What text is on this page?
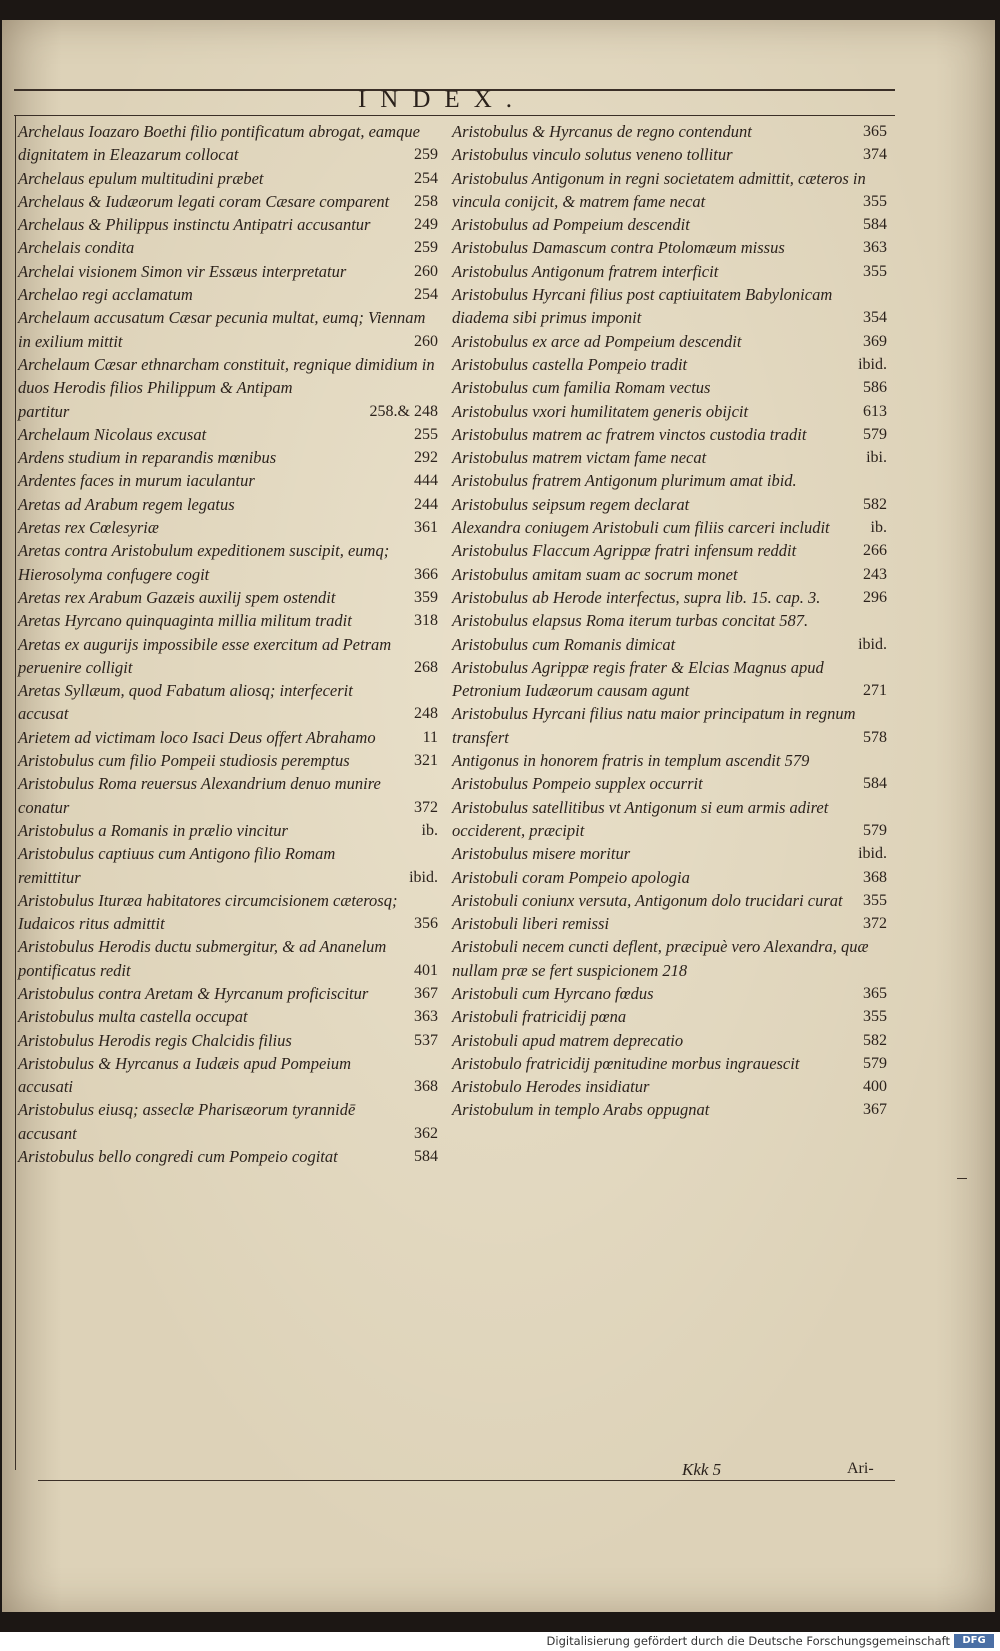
INDEX.
Archelaus Ioazaro Boethi filio pontificatum abrogat, eamque dignitatem in Eleazarum collocat	259
Archelaus epulum multitudini præbet	254
Archelaus & Iudæorum legati coram Cæsare comparent 258
Archelaus & Philippus instinctu Antipatri accusantur	249
Archelais condita	259
Archelai visionem Simon vir Essæus interpretatur	260
Archelao regi acclamatum	254
Archelaum accusatum Cæsar pecunia multat, eumq; Viennam in exilium mittit	260
Archelaum Cæsar ethnarcham constituit, regnique dimidium in duos Herodis filios Philippum & Antipam partitur	258.& 248
Archelaum Nicolaus excusat	255
Ardens studium in reparandis mœnibus	292
Ardentes faces in murum iaculantur	444
Aretas ad Arabum regem legatus	244
Aretas rex Cœlesyriæ	361
Aretas contra Aristobulum expeditionem suscipit, eumq; Hierosolyma confugere cogit	366
Aretas rex Arabum Gazæis auxilij spem ostendit	359
Aretas Hyrcano quinquaginta millia militum tradit	318
Aretas ex augurijs impossibile esse exercitum ad Petram peruenire colligit	268
Aretas Syllæum, quod Fabatum aliosq; interfecerit accusat	248
Arietem ad victimam loco Isaci Deus offert Abrahamo	11
Aristobulus cum filio Pompeii studiosis peremptus	321
Aristobulus Roma reuersus Alexandrium denuo munire conatur	372
Aristobulus a Romanis in prælio vincitur	ib.
Aristobulus captiuus cum Antigono filio Romam remittitur	ibid.
Aristobulus Ituræa habitatores circumcisionem cæterosq; Iudaicos ritus admittit	356
Aristobulus Herodis ductu submergitur, & ad Ananelum pontificatus redit	401
Aristobulus contra Aretam & Hyrcanum proficiscitur	367
Aristobulus multa castella occupat	363
Aristobulus Herodis regis Chalcidis filius	537
Aristobulus & Hyrcanus a Iudæis apud Pompeium accusati	368
Aristobulus eiusq; asseclæ Pharisæorum tyrannidē accusant	362
Aristobulus bello congredi cum Pompeio cogitat	584
Aristobulus & Hyrcanus de regno contendunt	365
Aristobulus vinculo solutus veneno tollitur	374
Aristobulus Antigonum in regni societatem admittit, cæteros in vincula conijcit, & matrem fame necat	355
Aristobulus ad Pompeium descendit	584
Aristobulus Damascum contra Ptolomæum missus	363
Aristobulus Antigonum fratrem interficit	355
Aristobulus Hyrcani filius post captiuitatem Babylonicam diadema sibi primus imponit	354
Aristobulus ex arce ad Pompeium descendit	369
Aristobulus castella Pompeio tradit	ibid.
Aristobulus cum familia Romam vectus	586
Aristobulus vxori humilitatem generis obijcit	613
Aristobulus matrem ac fratrem vinctos custodia tradit	579
Aristobulus matrem victam fame necat	ibi.
Aristobulus fratrem Antigonum plurimum amat ibid.
Aristobulus seipsum regem declarat	582
Alexandra coniugem Aristobuli cum filiis carceri includit	ib.
Aristobulus Flaccum Agrippæ fratri infensum reddit	266
Aristobulus amitam suam ac socrum monet	243
Aristobulus ab Herode interfectus, supra lib. 15. cap. 3.	296
Aristobulus elapsus Roma iterum turbas concitat 587.
Aristobulus cum Romanis dimicat	ibid.
Aristobulus Agrippæ regis frater & Elcias Magnus apud Petronium Iudæorum causam agunt	271
Aristobulus Hyrcani filius natu maior principatum in regnum transfert	578
Antigonus in honorem fratris in templum ascendit 579
Aristobulus Pompeio supplex occurrit	584
Aristobulus satellitibus vt Antigonum si eum armis adiret occiderent, præcipit	579
Aristobulus misere moritur	ibid.
Aristobuli coram Pompeio apologia	368
Aristobuli coniunx versuta, Antigonum dolo trucidari curat 355
Aristobuli liberi remissi	372
Aristobuli necem cuncti deflent, præcipuè vero Alexandra, quæ nullam præ se fert suspicionem 218
Aristobuli cum Hyrcano fœdus	365
Aristobuli fratricidij pœna	355
Aristobuli apud matrem deprecatio	582
Aristobulo fratricidij pœnitudine morbus ingrauescit	579
Aristobulo Herodes insidiatur	400
Aristobulum in templo Arabs oppugnat	367
Kkk 5	Ari-
Digitalisierung gefördert durch die Deutsche Forschungsgemeinschaft	DFG
